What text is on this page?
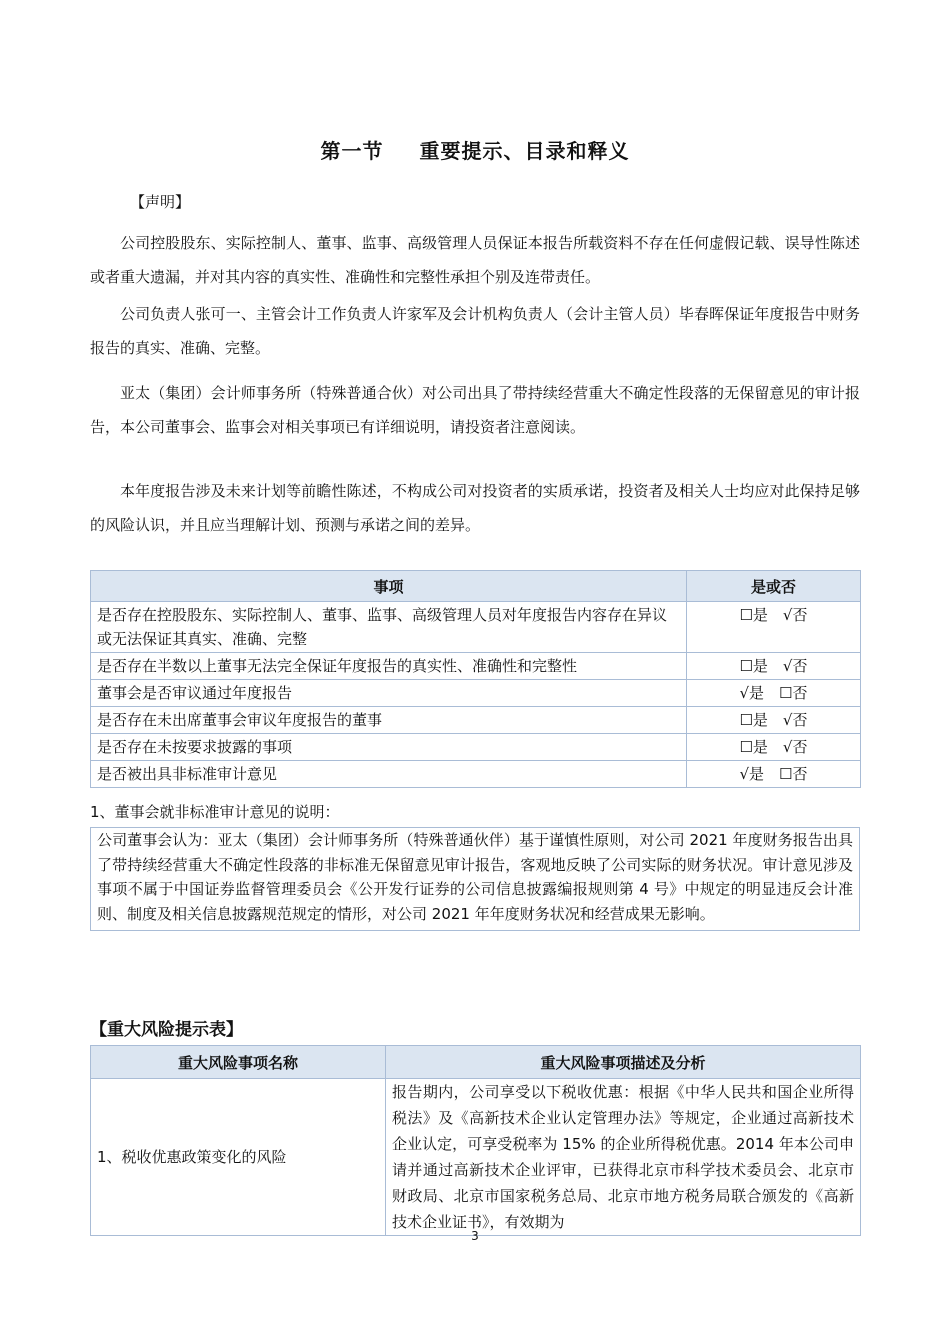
第一节 重要提示、目录和释义
【声明】
公司控股股东、实际控制人、董事、监事、高级管理人员保证本报告所载资料不存在任何虚假记载、误导性陈述或者重大遗漏，并对其内容的真实性、准确性和完整性承担个别及连带责任。
公司负责人张可一、主管会计工作负责人许家军及会计机构负责人（会计主管人员）毕春晖保证年度报告中财务报告的真实、准确、完整。
亚太（集团）会计师事务所（特殊普通合伙）对公司出具了带持续经营重大不确定性段落的无保留意见的审计报告，本公司董事会、监事会对相关事项已有详细说明，请投资者注意阅读。
本年度报告涉及未来计划等前瞻性陈述，不构成公司对投资者的实质承诺，投资者及相关人士均应对此保持足够的风险认识，并且应当理解计划、预测与承诺之间的差异。
事项	是或否
是否存在控股股东、实际控制人、董事、监事、高级管理人员对年度报告内容存在异议或无法保证其真实、准确、完整	☐是　√否
是否存在半数以上董事无法完全保证年度报告的真实性、准确性和完整性	☐是　√否
董事会是否审议通过年度报告	√是　☐否
是否存在未出席董事会审议年度报告的董事	☐是　√否
是否存在未按要求披露的事项	☐是　√否
是否被出具非标准审计意见	√是　☐否
1、董事会就非标准审计意见的说明：
公司董事会认为：亚太（集团）会计师事务所（特殊普通伙伴）基于谨慎性原则，对公司 2021 年度财务报告出具了带持续经营重大不确定性段落的非标准无保留意见审计报告，客观地反映了公司实际的财务状况。审计意见涉及事项不属于中国证券监督管理委员会《公开发行证券的公司信息披露编报规则第 4 号》中规定的明显违反会计准则、制度及相关信息披露规范规定的情形，对公司 2021 年年度财务状况和经营成果无影响。
【重大风险提示表】
重大风险事项名称	重大风险事项描述及分析
1、税收优惠政策变化的风险	报告期内，公司享受以下税收优惠：根据《中华人民共和国企业所得税法》及《高新技术企业认定管理办法》等规定，企业通过高新技术企业认定，可享受税率为 15% 的企业所得税优惠。2014 年本公司申请并通过高新技术企业评审，已获得北京市科学技术委员会、北京市财政局、北京市国家税务总局、北京市地方税务局联合颁发的《高新技术企业证书》，有效期为
3
